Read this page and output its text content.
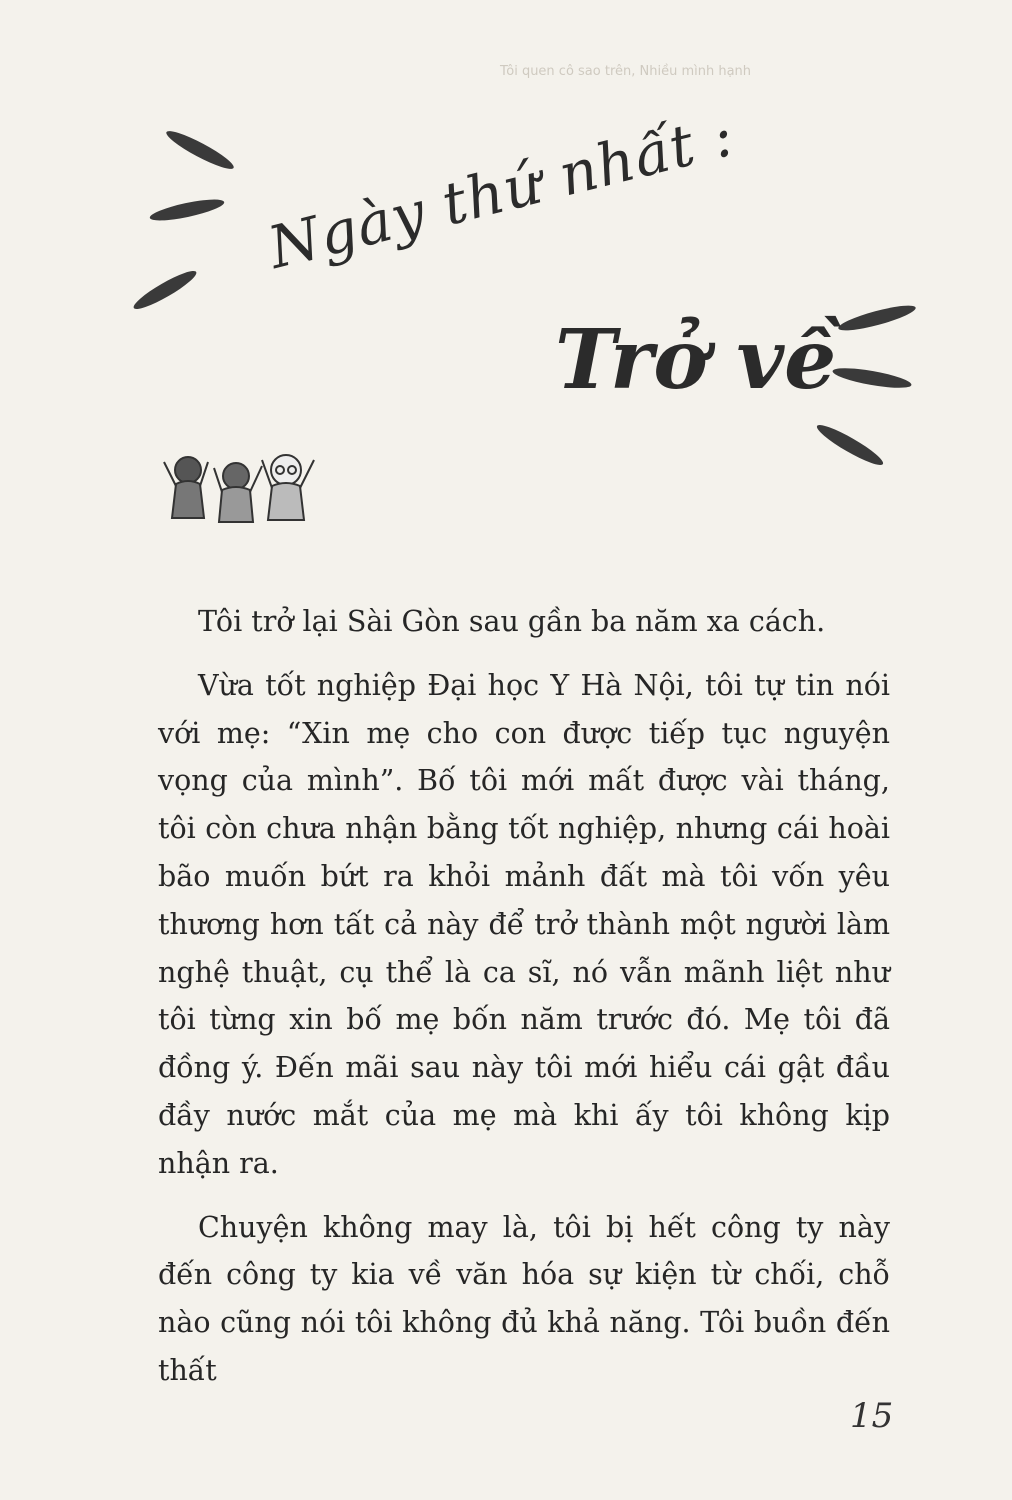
Tôi quen cô sao trên, Nhiều mình hạnh
Ngày thứ nhất :
Trở về

Tôi trở lại Sài Gòn sau gần ba năm xa cách.

Vừa tốt nghiệp Đại học Y Hà Nội, tôi tự tin nói với mẹ: “Xin mẹ cho con được tiếp tục nguyện vọng của mình”. Bố tôi mới mất được vài tháng, tôi còn chưa nhận bằng tốt nghiệp, nhưng cái hoài bão muốn bứt ra khỏi mảnh đất mà tôi vốn yêu thương hơn tất cả này để trở thành một người làm nghệ thuật, cụ thể là ca sĩ, nó vẫn mãnh liệt như tôi từng xin bố mẹ bốn năm trước đó. Mẹ tôi đã đồng ý. Đến mãi sau này tôi mới hiểu cái gật đầu đầy nước mắt của mẹ mà khi ấy tôi không kịp nhận ra.

Chuyện không may là, tôi bị hết công ty này đến công ty kia về văn hóa sự kiện từ chối, chỗ nào cũng nói tôi không đủ khả năng. Tôi buồn đến thất

15
